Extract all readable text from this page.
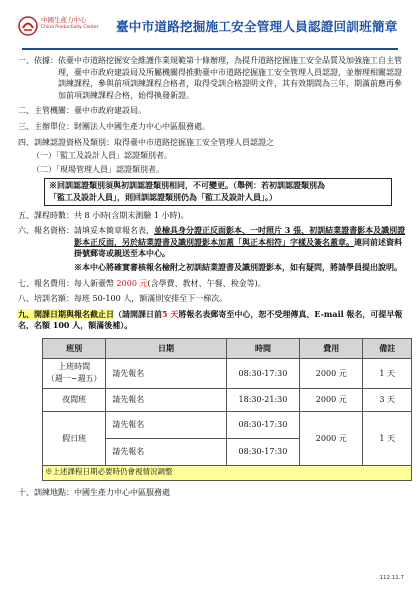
中國生產力中心
China Productivity Center 臺中市道路挖掘施工安全管理人員認證回訓班簡章
一、依據： 依臺中市道路挖掘安全維護作業規範第十條辦理，為提升道路挖掘施工安全品質及加強施工自主管理，臺中市政府建設局及所屬機關得推動臺中市道路挖掘施工安全管理人員認證，並辦理相關認證訓練課程，參與前項訓練課程合格者，取得受訓合格證明文件，其有效期間為三年，期滿前應再參加前項訓練課程合格，始得換發新證。
二、主管機關： 臺中市政府建設局。
三、主辦單位： 財團法人中國生產力中心中區服務處。
四、訓練認證資格及類別： 取得臺中市道路挖掘施工安全管理人員認證之
（一）「監工及設計人員」認證類別者。
（二）「現場管理人員」認證類別者。
※回訓認證類別須與初訓認證類別相同，不可變更。（舉例：若初訓認證類別為
「監工及設計人員」，則回訓認證類別仍為「監工及設計人員」。）
五、課程時數： 共 8 小時(含期末測驗 1 小時)。
六、報名資格： 請填妥本簡章報名表，並檢具身分證正反面影本、一吋照片 3 張、初訓結業證書影本及識別證影本正反面，另於結業證書及識別證影本加蓋「與正本相符」字樣及簽名蓋章。連同前述資料掛號郵寄或親送至本中心。
※本中心將確實審核報名檢附之初訓結業證書及識別證影本，如有疑問，將請學員提出說明。
七、報名費用： 每人新臺幣 2000 元(含學費、教材、午餐、稅金等)。
八、培訓名額： 每班 50-100 人，額滿則安排至下一梯次。
九、開課日期與報名截止日（請開課日前5 天將報名表郵寄至中心，恕不受理傳真、E-mail 報名，可提早報名，名額 100 人，額滿後補）。
班別	日期	時間	費用	備註
上班時間
（週一~週五）	請先報名	08:30-17:30	2000 元	1 天
夜間班	請先報名	18:30-21:30	2000 元	3 天
假日班	請先報名	08:30-17:30	2000 元	1 天
	請先報名	08:30-17:30		
※上述課程日期必要時仍會視情況調整				
十、訓練地點： 中國生產力中心中區服務處
112.11.7
